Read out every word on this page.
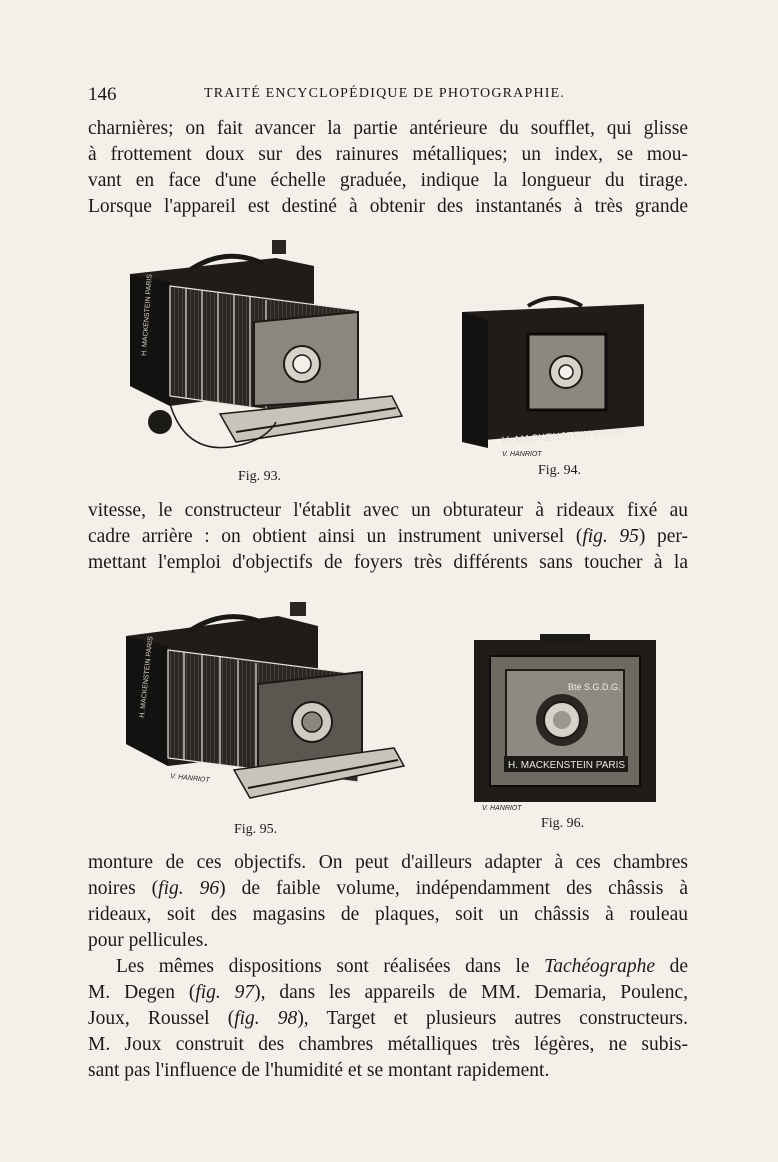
146	TRAITÉ ENCYCLOPÉDIQUE DE PHOTOGRAPHIE.

charnières; on fait avancer la partie antérieure du soufflet, qui glisse
à frottement doux sur des rainures métalliques; un index, se mou-
vant en face d'une échelle graduée, indique la longueur du tirage.
Lorsque l'appareil est destiné à obtenir des instantanés à très grande

H. MACKENSTEIN PARIS
Fig. 93.
H. MACKENSTEIN PARIS
V. HANRIOT
Fig. 94.

vitesse, le constructeur l'établit avec un obturateur à rideaux fixé au
cadre arrière : on obtient ainsi un instrument universel (fig. 95) per-
mettant l'emploi d'objectifs de foyers très différents sans toucher à la

H. MACKENSTEIN PARIS
V. HANRIOT
Fig. 95.
Bté S.G.D.G.
H. MACKENSTEIN PARIS
V. HANRIOT
Fig. 96.

monture de ces objectifs. On peut d'ailleurs adapter à ces chambres
noires (fig. 96) de faible volume, indépendamment des châssis à
rideaux, soit des magasins de plaques, soit un châssis à rouleau
pour pellicules.

Les mêmes dispositions sont réalisées dans le Tachéographe de
M. Degen (fig. 97), dans les appareils de MM. Demaria, Poulenc,
Joux, Roussel (fig. 98), Target et plusieurs autres constructeurs.
M. Joux construit des chambres métalliques très légères, ne subis-
sant pas l'influence de l'humidité et se montant rapidement.
